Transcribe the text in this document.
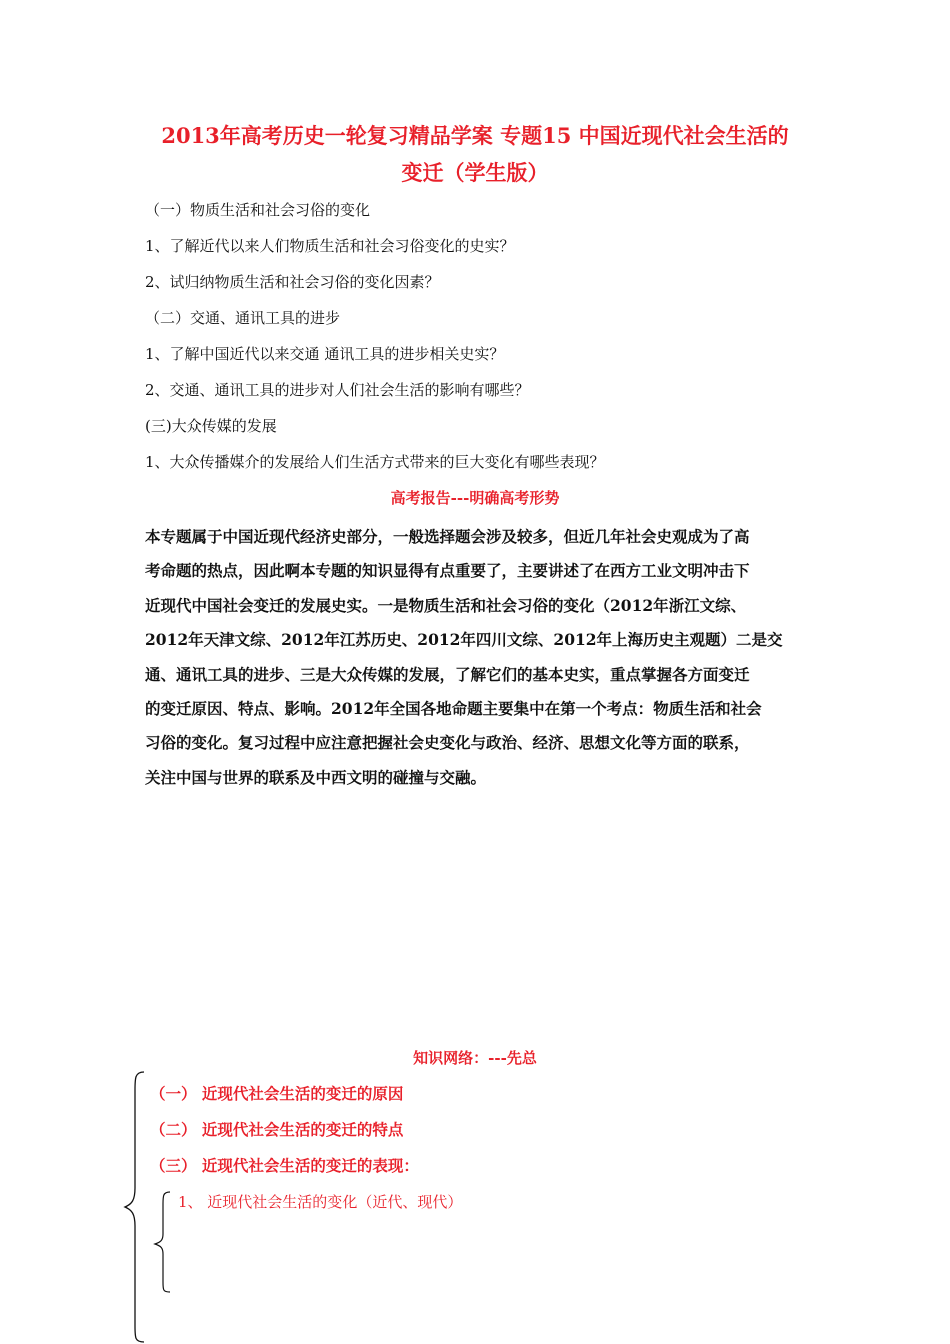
2013年高考历史一轮复习精品学案 专题15 中国近现代社会生活的
变迁（学生版）

（一）物质生活和社会习俗的变化

1、了解近代以来人们物质生活和社会习俗变化的史实？

2、试归纳物质生活和社会习俗的变化因素？

（二）交通、通讯工具的进步

1、了解中国近代以来交通 通讯工具的进步相关史实？

2、交通、通讯工具的进步对人们社会生活的影响有哪些？

(三)大众传媒的发展

1、大众传播媒介的发展给人们生活方式带来的巨大变化有哪些表现？

高考报告---明确高考形势
本专题属于中国近现代经济史部分，一般选择题会涉及较多，但近几年社会史观成为了高
考命题的热点，因此啊本专题的知识显得有点重要了，主要讲述了在西方工业文明冲击下
近现代中国社会变迁的发展史实。一是物质生活和社会习俗的变化（2012年浙江文综、
2012年天津文综、2012年江苏历史、2012年四川文综、2012年上海历史主观题）二是交
通、通讯工具的进步、三是大众传媒的发展，了解它们的基本史实，重点掌握各方面变迁
的变迁原因、特点、影响。2012年全国各地命题主要集中在第一个考点：物质生活和社会
习俗的变化。复习过程中应注意把握社会史变化与政治、经济、思想文化等方面的联系，
关注中国与世界的联系及中西文明的碰撞与交融。
知识网络：---先总

（一） 近现代社会生活的变迁的原因

（二） 近现代社会生活的变迁的特点

（三） 近现代社会生活的变迁的表现：

1、 近现代社会生活的变化（近代、现代）
